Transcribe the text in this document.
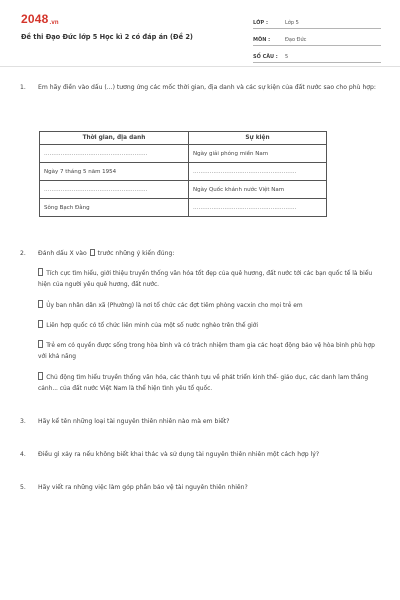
2048.vn
Đề thi Đạo Đức lớp 5 Học kì 2 có đáp án (Đề 2)
LỚP :	Lớp 5
MÔN :	Đạo Đức
SỐ CÂU :	5
1.	Em hãy điền vào dấu (...) tương ứng các mốc thời gian, địa danh và các sự kiện của đất nước sao cho phù hợp:
Thời gian, địa danh	Sự kiện
........................................................	Ngày giải phóng miền Nam
Ngày 7 tháng 5 năm 1954	........................................................
........................................................	Ngày Quốc khánh nước Việt Nam
Sông Bạch Đằng	........................................................
2.	Đánh dấu X vào trước những ý kiến đúng:
Tích cực tìm hiểu, giới thiệu truyền thống văn hóa tốt đẹp của quê hương, đất nước tới các bạn quốc tế là biểu hiện của người yêu quê hương, đất nước.
Ủy ban nhân dân xã (Phường) là nơi tổ chức các đợt tiêm phòng vacxin cho mọi trẻ em
Liên hợp quốc có tổ chức liên minh của một số nước nghèo trên thế giới
Trẻ em có quyền được sống trong hòa bình và có trách nhiệm tham gia các hoạt động bảo vệ hòa bình phù hợp với khả năng
Chủ động tìm hiểu truyền thống văn hóa, các thành tựu về phát triển kinh thế- giáo dục, các danh lam thắng cảnh... của đất nước Việt Nam là thể hiện tình yêu tổ quốc.
3.	Hãy kể tên những loại tài nguyên thiên nhiên nào mà em biết?
4.	Điều gì xảy ra nếu không biết khai thác và sử dụng tài nguyên thiên nhiên một cách hợp lý?
5.	Hãy viết ra những việc làm góp phần bảo vệ tài nguyên thiên nhiên?
